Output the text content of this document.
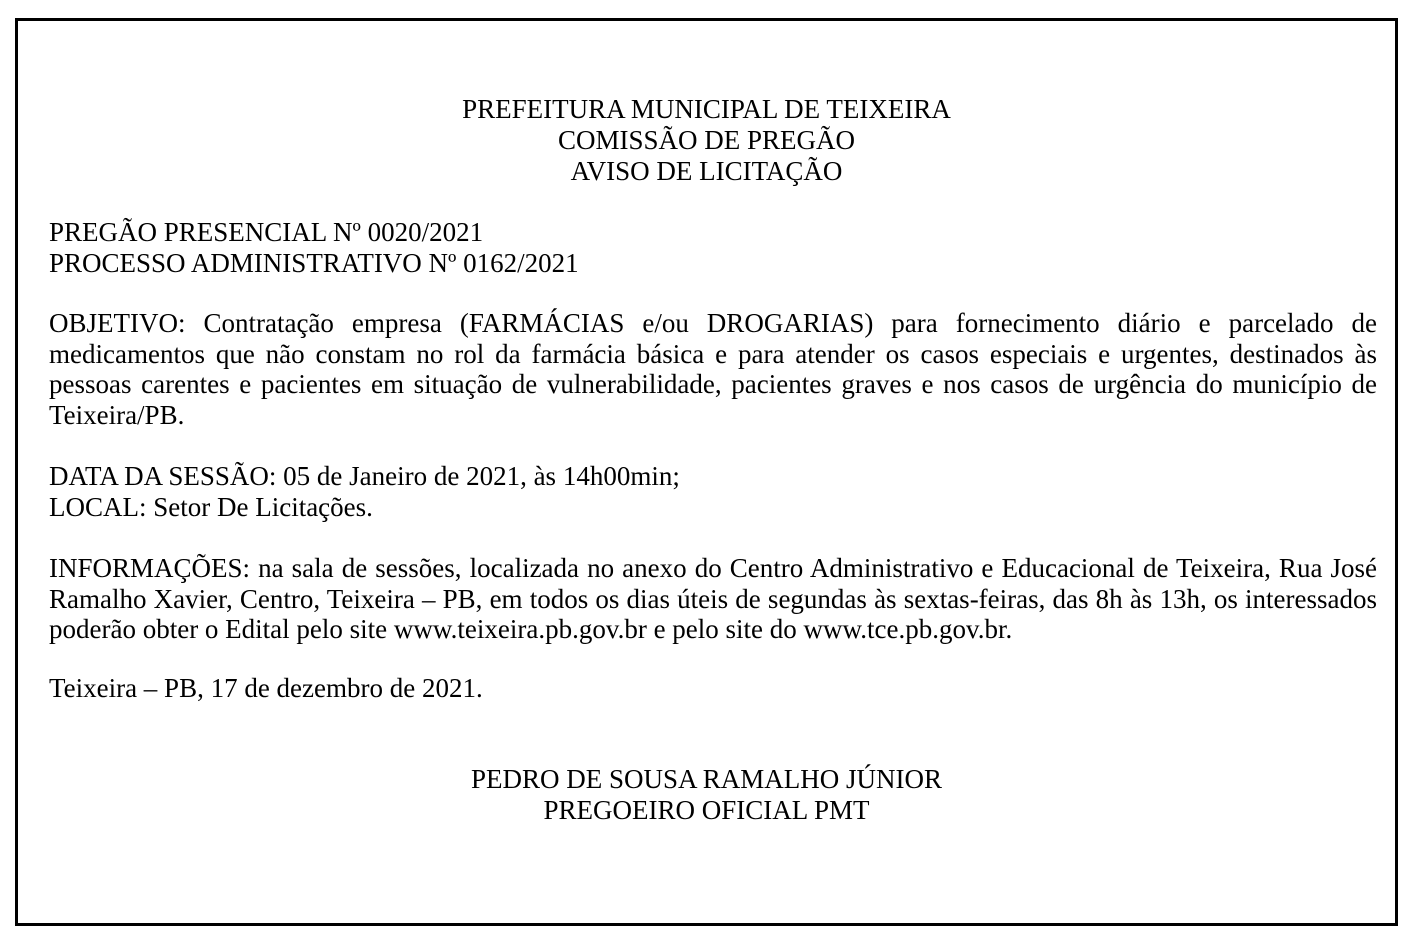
PREFEITURA MUNICIPAL DE TEIXEIRA
COMISSÃO DE PREGÃO
AVISO DE LICITAÇÃO

PREGÃO PRESENCIAL Nº 0020/2021

PROCESSO ADMINISTRATIVO Nº 0162/2021

OBJETIVO: Contratação empresa (FARMÁCIAS e/ou DROGARIAS) para fornecimento diário e parcelado de medicamentos que não constam no rol da farmácia básica e para atender os casos especiais e urgentes, destinados às pessoas carentes e pacientes em situação de vulnerabilidade, pacientes graves e nos casos de urgência do município de Teixeira/PB.

DATA DA SESSÃO: 05 de Janeiro de 2021, às 14h00min;

LOCAL: Setor De Licitações.

INFORMAÇÕES: na sala de sessões, localizada no anexo do Centro Administrativo e Educacional de Teixeira, Rua José Ramalho Xavier, Centro, Teixeira – PB, em todos os dias úteis de segundas às sextas-feiras, das 8h às 13h, os interessados poderão obter o Edital pelo site www.teixeira.pb.gov.br e pelo site do www.tce.pb.gov.br.

Teixeira – PB, 17 de dezembro de 2021.

PEDRO DE SOUSA RAMALHO JÚNIOR
PREGOEIRO OFICIAL PMT
